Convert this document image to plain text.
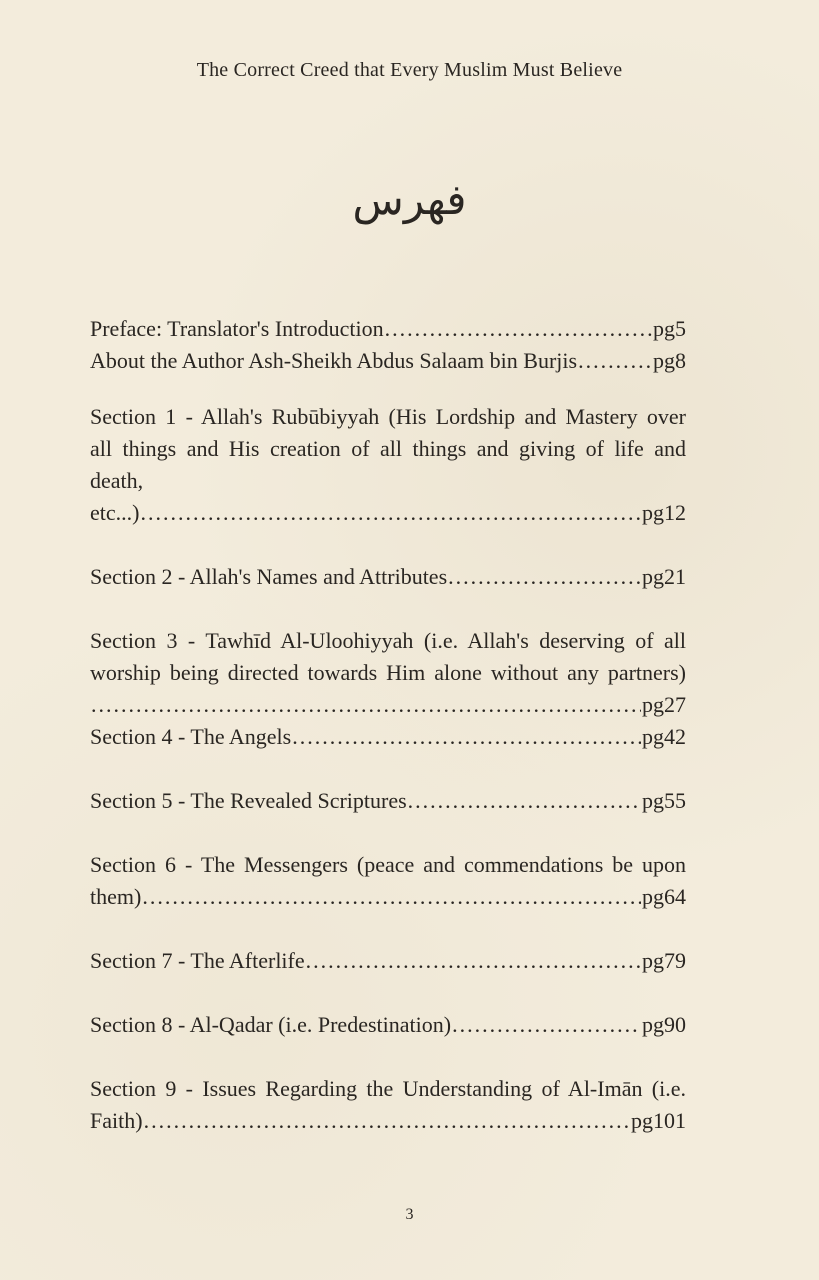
The Correct Creed that Every Muslim Must Believe
فهرس
Preface: Translator's Introduction .....	pg5
About the Author Ash-Sheikh Abdus Salaam bin Burjis .....	pg8
Section 1 - Allah's Rubūbiyyah (His Lordship and Mastery over
all things and His creation of all things and giving of life and
death,
etc...) .....	pg12
Section 2 - Allah's Names and Attributes .....	pg21
Section 3 - Tawhīd Al-Uloohiyyah (i.e. Allah's deserving of all
worship being directed towards Him alone without any partners)
.....
pg27
Section 4 - The Angels .....	pg42
Section 5 - The Revealed Scriptures .....	pg55
Section 6 - The Messengers (peace and commendations be upon
them) .....	pg64
Section 7 - The Afterlife .....	pg79
Section 8 - Al-Qadar (i.e. Predestination) .....	pg90
Section 9 - Issues Regarding the Understanding of Al-Imān (i.e.
Faith) .....	pg101
3
